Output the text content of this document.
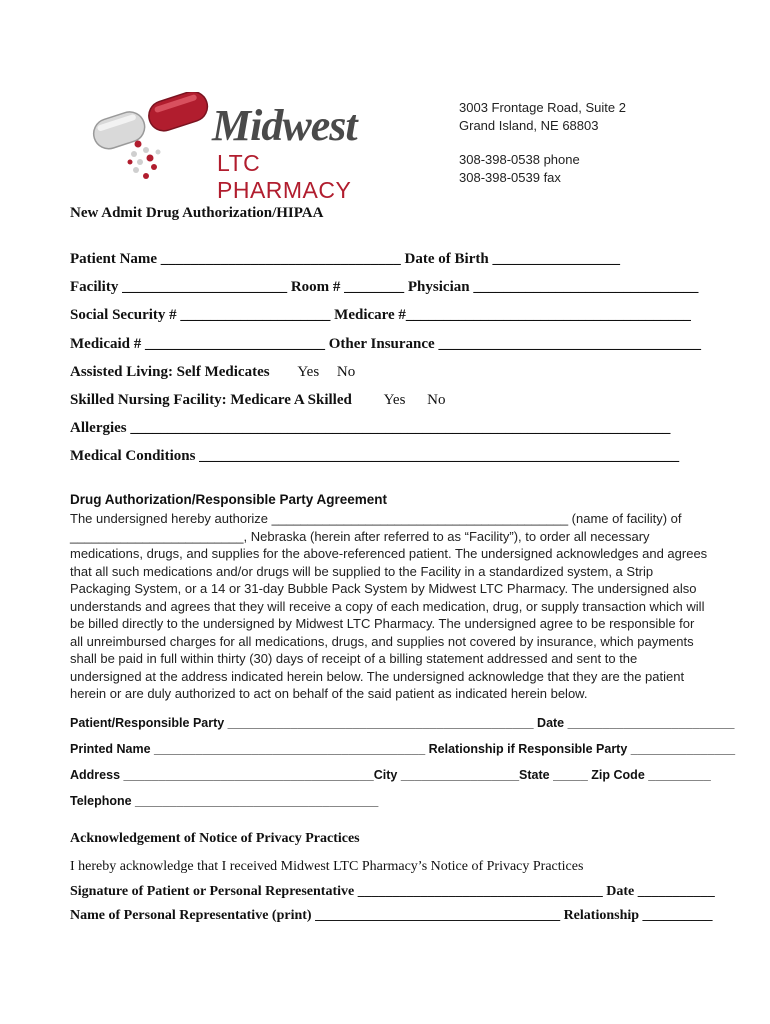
Midwest
LTC PHARMACY
3003 Frontage Road, Suite 2
Grand Island, NE 68803
308-398-0538 phone
308-398-0539 fax
New Admit Drug Authorization/HIPAA
Patient Name ________________________________ Date of Birth _________________
Facility ______________________ Room # ________ Physician ______________________________
Social Security # ____________________ Medicare #______________________________________
Medicaid # ________________________ Other Insurance ___________________________________
Assisted Living: Self Medicates Yes No
Skilled Nursing Facility: Medicare A Skilled Yes No
Allergies ________________________________________________________________________
Medical Conditions ________________________________________________________________
Drug Authorization/Responsible Party Agreement
The undersigned hereby authorize _________________________________________ (name of facility) of ________________________, Nebraska (herein after referred to as “Facility”), to order all necessary medications, drugs, and supplies for the above-referenced patient. The undersigned acknowledges and agrees that all such medications and/or drugs will be supplied to the Facility in a standardized system, a Strip Packaging System, or a 14 or 31-day Bubble Pack System by Midwest LTC Pharmacy. The undersigned also understands and agrees that they will receive a copy of each medication, drug, or supply transaction which will be billed directly to the undersigned by Midwest LTC Pharmacy. The undersigned agree to be responsible for all unreimbursed charges for all medications, drugs, and supplies not covered by insurance, which payments shall be paid in full within thirty (30) days of receipt of a billing statement addressed and sent to the undersigned at the address indicated herein below. The undersigned acknowledge that they are the patient herein or are duly authorized to act on behalf of the said patient as indicated herein below.
Patient/Responsible Party ____________________________________________ Date ________________________
Printed Name _______________________________________ Relationship if Responsible Party _______________
Address ____________________________________City _________________State _____ Zip Code _________
Telephone ___________________________________
Acknowledgement of Notice of Privacy Practices
I hereby acknowledge that I received Midwest LTC Pharmacy’s Notice of Privacy Practices
Signature of Patient or Personal Representative ___________________________________ Date ___________
Name of Personal Representative (print) ___________________________________ Relationship __________
